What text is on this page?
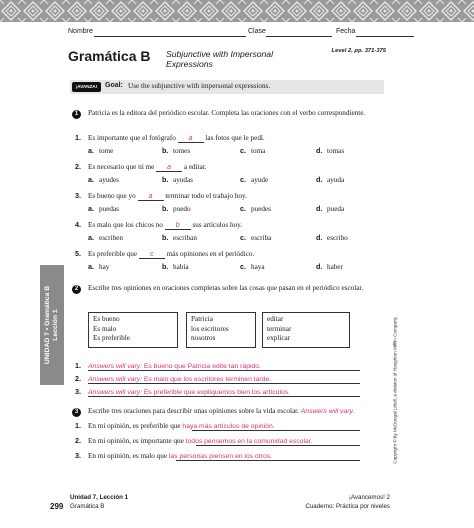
Nombre	Clase	Fecha
Gramática B Subjunctive with Impersonal Expressions
Level 2, pp. 371-375
¡AVANZA!	Goal: Use the subjunctive with impersonal expressions.
1	Patricia es la editora del periódico escolar. Completa las oraciones con el verbo correspondiente.
1. Es importante que el fotógrafo a las fotos que le pedí.
a. tome	b. tomes	c. toma	d. tomas
2. Es necesario que tú me a a editar.
a. ayudes	b. ayudas	c. ayude	d. ayuda
3. Es bueno que yo a terminar todo el trabajo hoy.
a. puedas	b. puedo	c. puedes	d. pueda
4. Es malo que los chicos no b sus artículos hoy.
a. escriben	b. escriban	c. escriba	d. escribo
5. Es preferible que c más opiniones en el periódico.
a. hay	b. había	c. haya	d. haber
2	Escribe tres opiniones en oraciones completas sobre las cosas que pasan en el periódico escolar.
Es bueno
Es malo
Es preferible
Patricia
los escritores
nosotros
editar
terminar
explicar
1. Answers will vary: Es bueno que Patricia edite tan rápido.
2. Answers will vary: Es malo que los escritores terminen tarde.
3. Answers will vary: Es preferible que expliquemos bien los artículos.
3	Escribe tres oraciones para describir unas opiniones sobre la vida escolar. Answers will vary.
1. En mi opinión, es preferible que haya más artículos de opinión.
2. En mi opinión, es importante que todos pensemos en la comunidad escolar.
3. En mi opinión, es malo que las personas piensen en los otros.
UNIDAD 7 • Gramática B Lección 1	Copyright © by McDougal Littell, a division of Houghton Mifflin Company.
299
Unidad 7, Lección 1
Gramática B
¡Avancemos! 2
Cuaderno: Práctica por niveles
